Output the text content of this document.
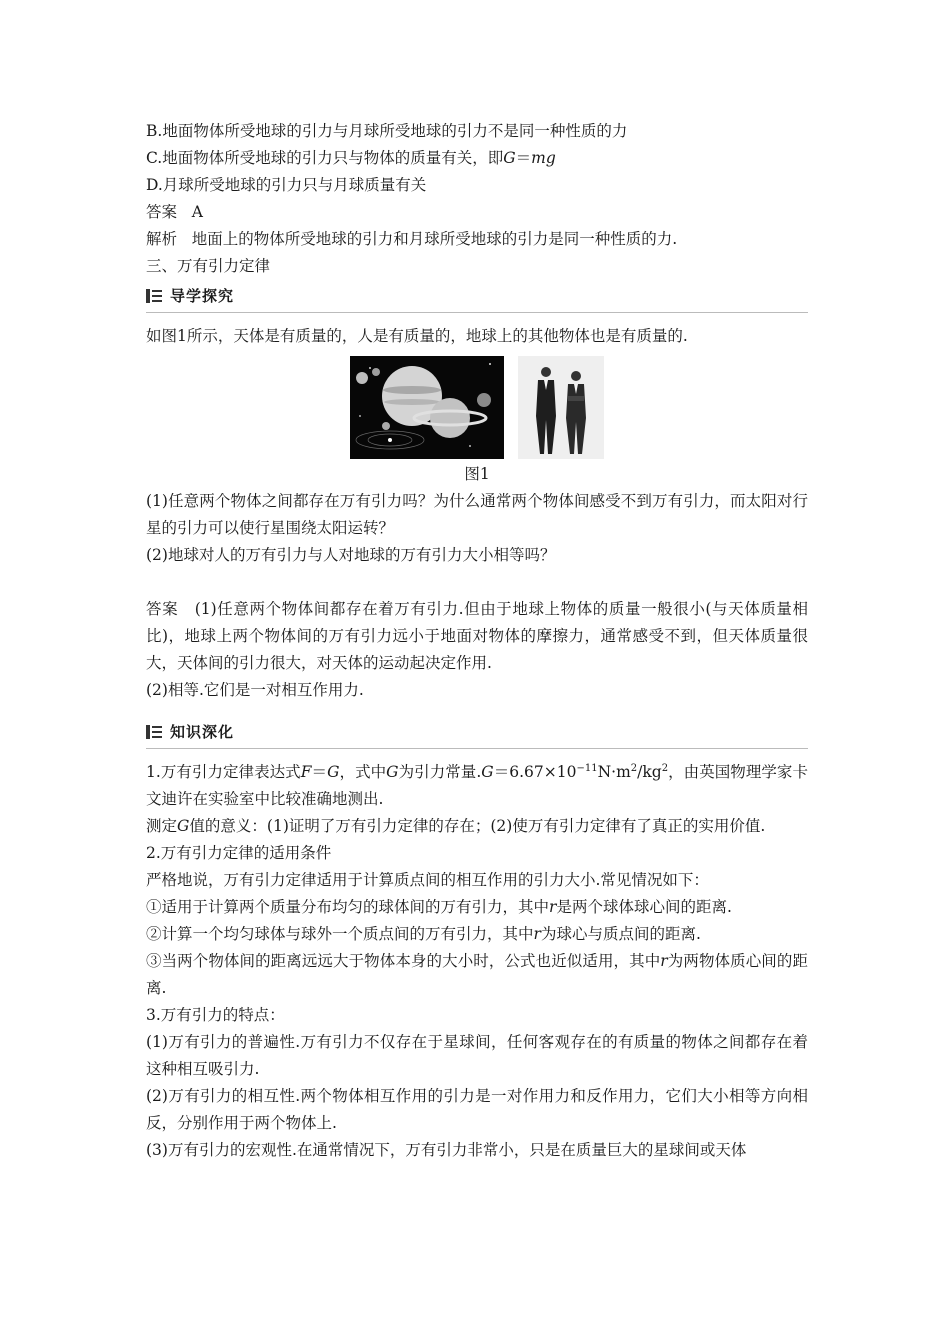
B.地面物体所受地球的引力与月球所受地球的引力不是同一种性质的力
C.地面物体所受地球的引力只与物体的质量有关，即G＝mg
D.月球所受地球的引力只与月球质量有关
答案 A
解析 地面上的物体所受地球的引力和月球所受地球的引力是同一种性质的力.
三、万有引力定律
导学探究
如图1所示，天体是有质量的，人是有质量的，地球上的其他物体也是有质量的.
图1
(1)任意两个物体之间都存在万有引力吗？为什么通常两个物体间感受不到万有引力，而太阳对行星的引力可以使行星围绕太阳运转？
(2)地球对人的万有引力与人对地球的万有引力大小相等吗？
答案 (1)任意两个物体间都存在着万有引力.但由于地球上物体的质量一般很小(与天体质量相比)，地球上两个物体间的万有引力远小于地面对物体的摩擦力，通常感受不到，但天体质量很大，天体间的引力很大，对天体的运动起决定作用.
(2)相等.它们是一对相互作用力.
知识深化
1.万有引力定律表达式F＝G，式中G为引力常量$.G=6.67\times 10^{-11}N\cdot m^2/kg^2$，由英国物理学家卡文迪许在实验室中比较准确地测出.
测定G值的意义：(1)证明了万有引力定律的存在；(2)使万有引力定律有了真正的实用价值.
2.万有引力定律的适用条件
严格地说，万有引力定律适用于计算质点间的相互作用的引力大小.常见情况如下：
①适用于计算两个质量分布均匀的球体间的万有引力，其中r是两个球体球心间的距离.
②计算一个均匀球体与球外一个质点间的万有引力，其中r为球心与质点间的距离.
③当两个物体间的距离远远大于物体本身的大小时，公式也近似适用，其中r为两物体质心间的距离.
3.万有引力的特点：
(1)万有引力的普遍性.万有引力不仅存在于星球间，任何客观存在的有质量的物体之间都存在着这种相互吸引力.
(2)万有引力的相互性.两个物体相互作用的引力是一对作用力和反作用力，它们大小相等方向相反，分别作用于两个物体上.
(3)万有引力的宏观性.在通常情况下，万有引力非常小，只是在质量巨大的星球间或天体
